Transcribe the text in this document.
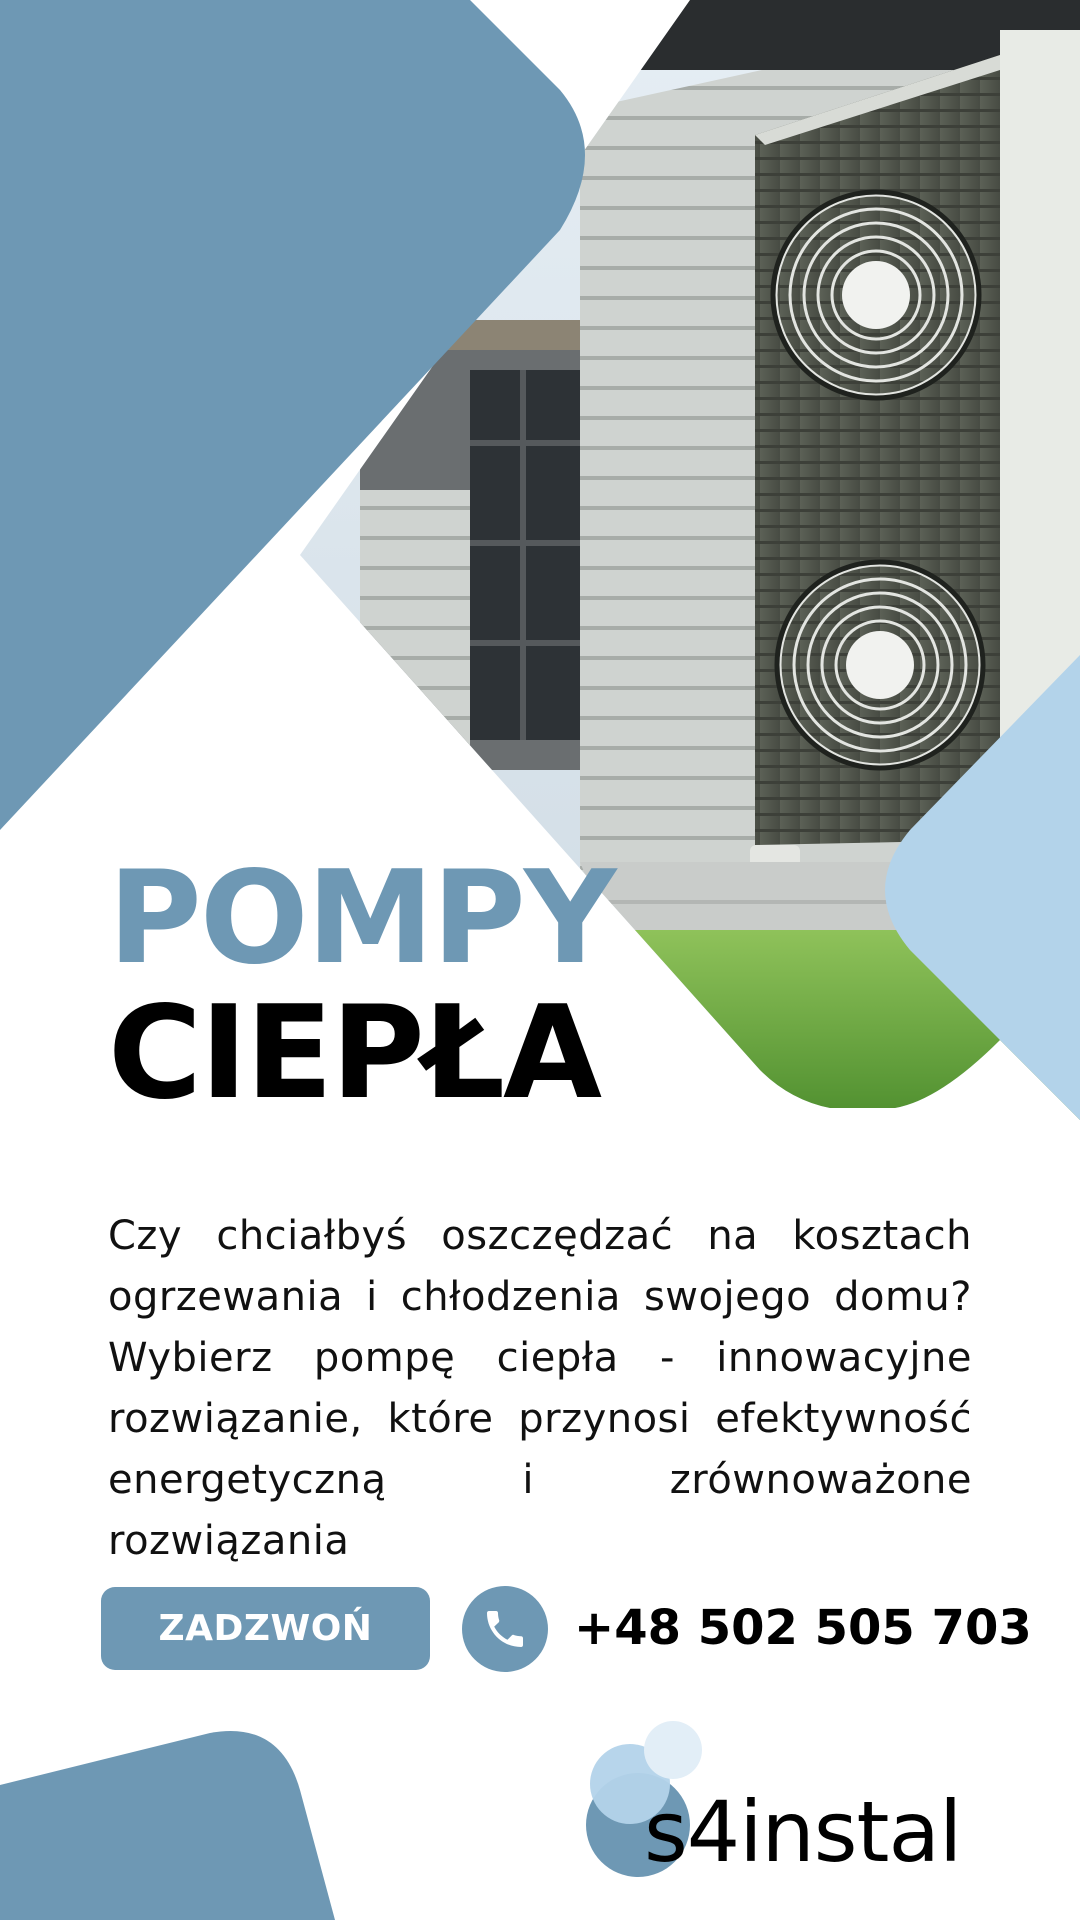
POMPY
CIEPŁA
Czy chciałbyś oszczędzać na kosztach ogrzewania i chłodzenia swojego domu? Wybierz pompę ciepła - innowacyjne rozwiązanie, które przynosi efektywność energetyczną i zrównoważone rozwiązania
ZADZWOŃ	+48 502 505 703
s4instal
